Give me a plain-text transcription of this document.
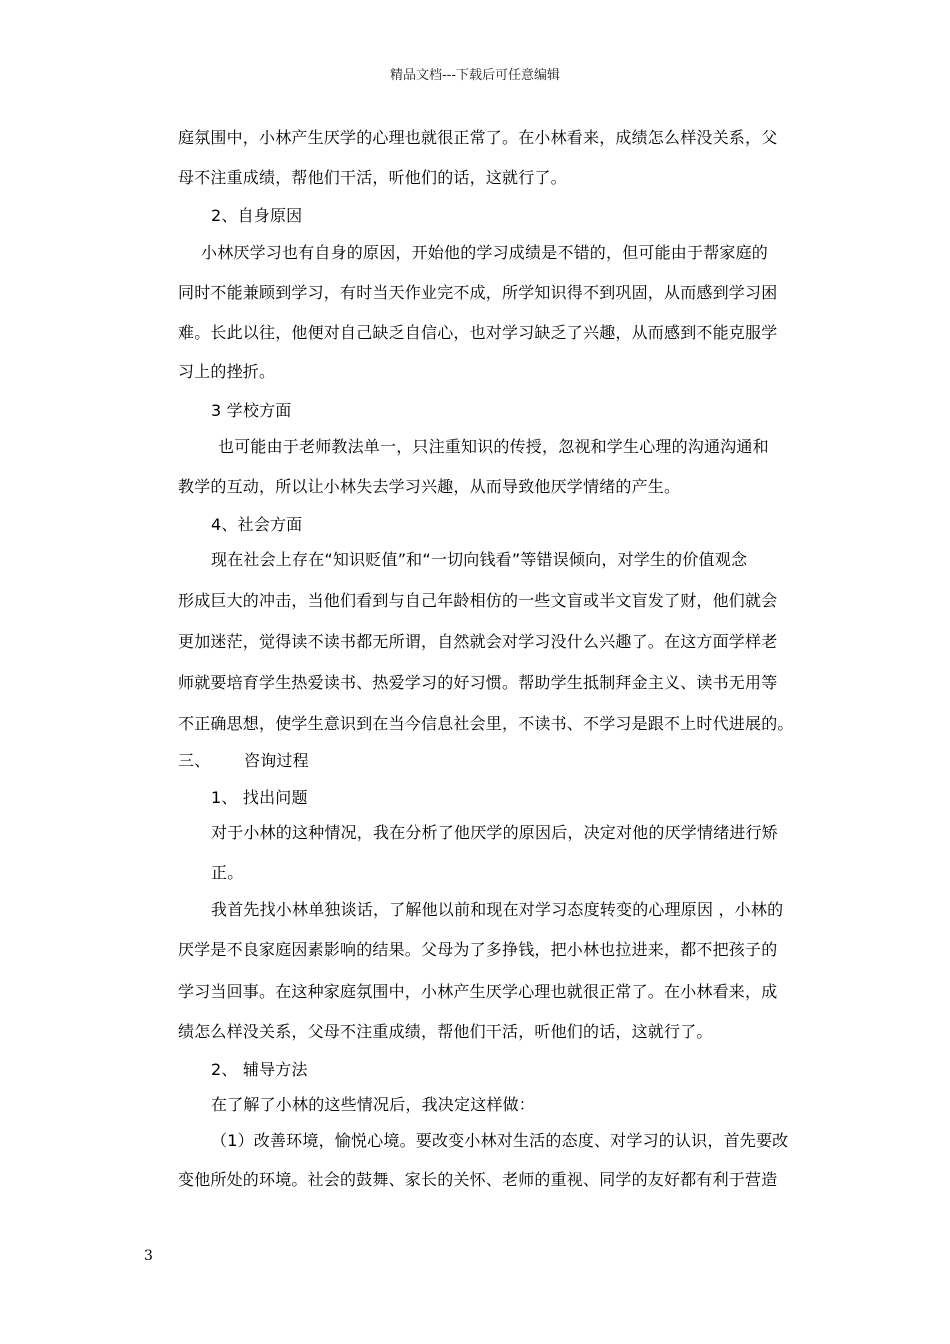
精品文档---下载后可任意编辑
庭氛围中，小林产生厌学的心理也就很正常了。在小林看来，成绩怎么样没关系，父
母不注重成绩，帮他们干活，听他们的话，这就行了。
2、自身原因
小林厌学习也有自身的原因，开始他的学习成绩是不错的，但可能由于帮家庭的
同时不能兼顾到学习，有时当天作业完不成，所学知识得不到巩固，从而感到学习困
难。长此以往，他便对自己缺乏自信心，也对学习缺乏了兴趣，从而感到不能克服学
习上的挫折。
3 学校方面
也可能由于老师教法单一，只注重知识的传授，忽视和学生心理的沟通沟通和
教学的互动，所以让小林失去学习兴趣，从而导致他厌学情绪的产生。
4、社会方面
现在社会上存在“知识贬值”和“一切向钱看”等错误倾向，对学生的价值观念
形成巨大的冲击，当他们看到与自己年龄相仿的一些文盲或半文盲发了财，他们就会
更加迷茫，觉得读不读书都无所谓，自然就会对学习没什么兴趣了。在这方面学样老
师就要培育学生热爱读书、热爱学习的好习惯。帮助学生抵制拜金主义、读书无用等
不正确思想，使学生意识到在当今信息社会里，不读书、不学习是跟不上时代进展的。
三、 咨询过程
1、 找出问题
对于小林的这种情况，我在分析了他厌学的原因后，决定对他的厌学情绪进行矫
正。
我首先找小林单独谈话，了解他以前和现在对学习态度转变的心理原因 ，小林的
厌学是不良家庭因素影响的结果。父母为了多挣钱，把小林也拉进来，都不把孩子的
学习当回事。在这种家庭氛围中，小林产生厌学心理也就很正常了。在小林看来，成
绩怎么样没关系，父母不注重成绩，帮他们干活，听他们的话，这就行了。
2、 辅导方法
在了解了小林的这些情况后，我决定这样做：
（1）改善环境，愉悦心境。要改变小林对生活的态度、对学习的认识，首先要改
变他所处的环境。社会的鼓舞、家长的关怀、老师的重视、同学的友好都有利于营造
3
